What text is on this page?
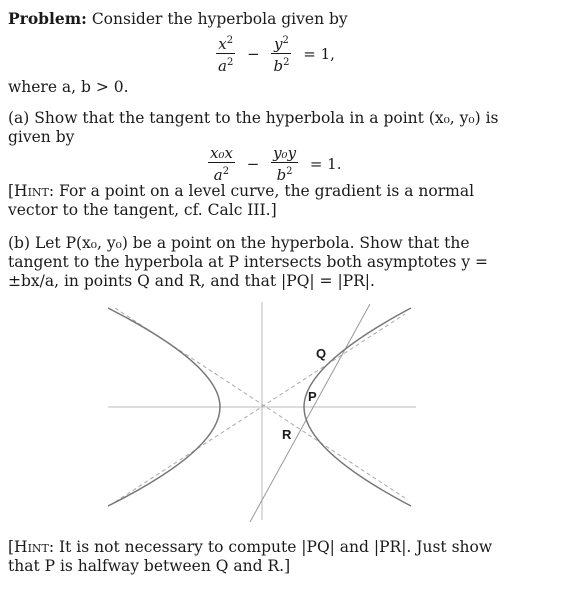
Problem: Consider the hyperbola given by
$\frac{x^2}{a^2} - \frac{y^2}{b^2} = 1$,
where a, b > 0.
(a) Show that the tangent to the hyperbola in a point (x₀, y₀) is given by
$\frac{\text{x₀x}}{a^2} - \frac{\text{y₀y}}{b^2} = 1$.
[Hint: For a point on a level curve, the gradient is a normal vector to the tangent, cf. Calc III.]
(b) Let P(x₀, y₀) be a point on the hyperbola. Show that the tangent to the hyperbola at P intersects both asymptotes y = ±bx/a, in points Q and R, and that |PQ| = |PR|.
Q
P
R
[Hint: It is not necessary to compute |PQ| and |PR|. Just show that P is halfway between Q and R.]
